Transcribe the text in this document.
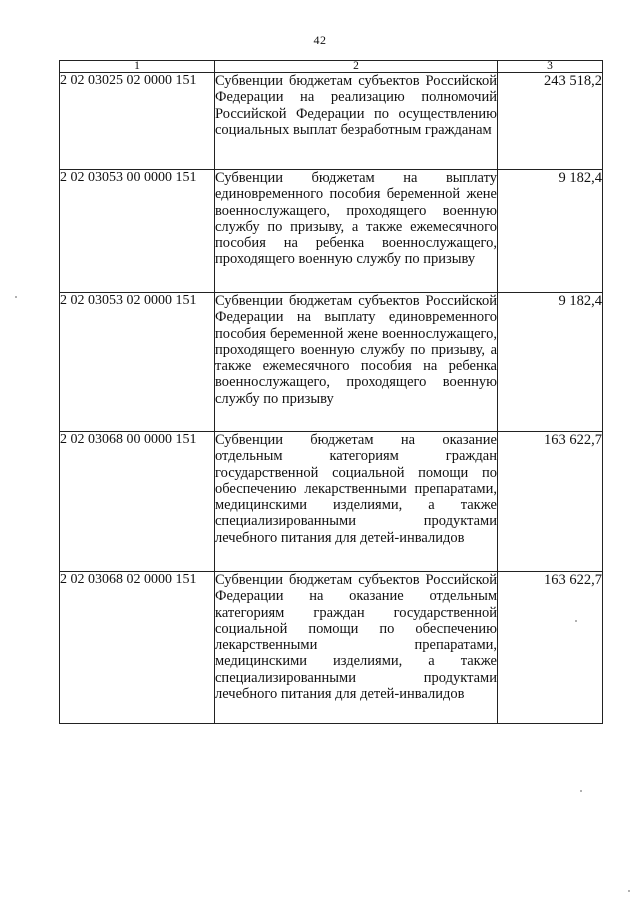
42
1	2	3
2 02 03025 02 0000 151	Субвенции бюджетам субъектов Российской Федерации на реализацию полномочий Российской Федерации по осуществлению социальных выплат безработным гражданам	243 518,2
2 02 03053 00 0000 151	Субвенции бюджетам на выплату единовременного пособия беременной жене военнослужащего, проходящего военную службу по призыву, а также ежемесячного пособия на ребенка военнослужащего, проходящего военную службу по призыву	9 182,4
2 02 03053 02 0000 151	Субвенции бюджетам субъектов Российской Федерации на выплату единовременного пособия беременной жене военнослужащего, проходящего военную службу по призыву, а также ежемесячного пособия на ребенка военнослужащего, проходящего военную службу по призыву	9 182,4
2 02 03068 00 0000 151	Субвенции бюджетам на оказание отдельным категориям граждан государственной социальной помощи по обеспечению лекарственными препаратами, медицинскими изделиями, а также специализированными продуктами лечебного питания для детей-инвалидов	163 622,7
2 02 03068 02 0000 151	Субвенции бюджетам субъектов Российской Федерации на оказание отдельным категориям граждан государственной социальной помощи по обеспечению лекарственными препаратами, медицинскими изделиями, а также специализированными продуктами лечебного питания для детей-инвалидов	163 622,7
